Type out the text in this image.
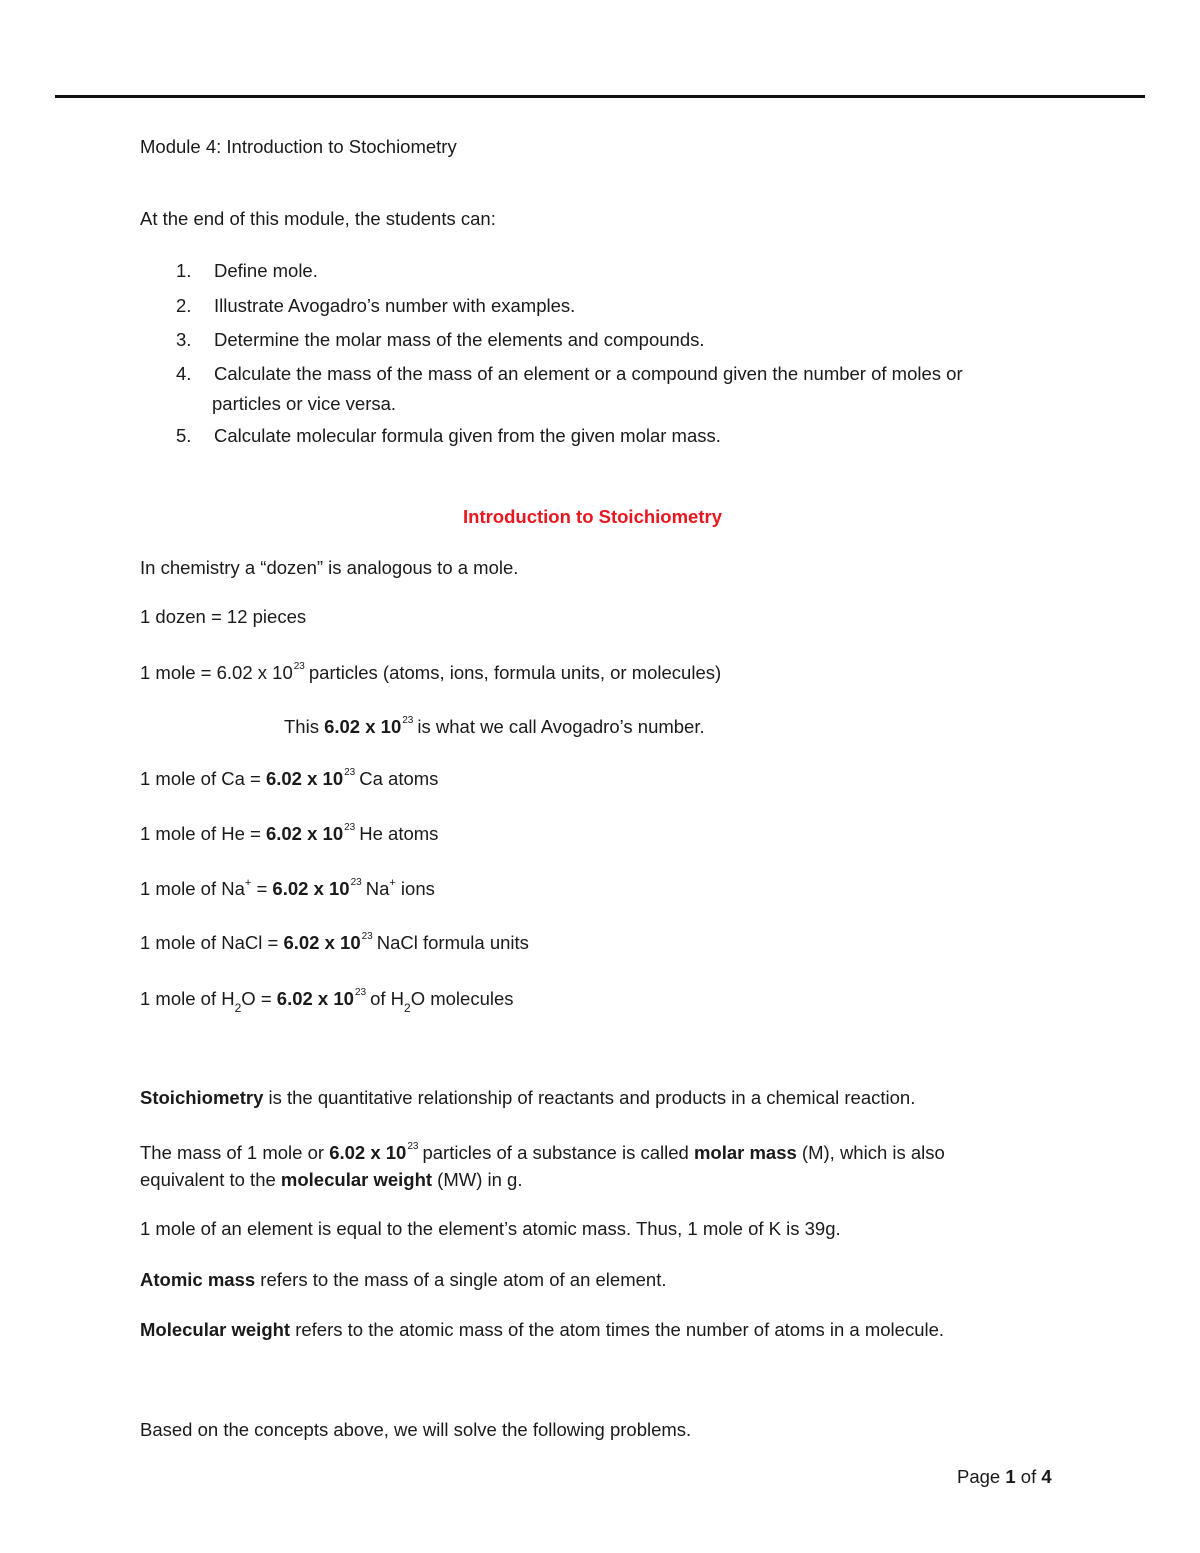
Module 4: Introduction to Stochiometry
At the end of this module, the students can:
1. Define mole.
2. Illustrate Avogadro’s number with examples.
3. Determine the molar mass of the elements and compounds.
4. Calculate the mass of the mass of an element or a compound given the number of moles or
particles or vice versa.
5. Calculate molecular formula given from the given molar mass.
Introduction to Stoichiometry
In chemistry a “dozen” is analogous to a mole.
1 dozen = 12 pieces
1 mole = 6.02 x $10^{23}$ particles (atoms, ions, formula units, or molecules)
This 6.02 x $10^{23}$ is what we call Avogadro’s number.
1 mole of Ca = 6.02 x $10^{23}$ Ca atoms
1 mole of He = 6.02 x $10^{23}$ He atoms
1 mole of Na+ = 6.02 x $10^{23}$ Na+ ions
1 mole of NaCl = 6.02 x $10^{23}$ NaCl formula units
1 mole of $H_2O = 6.02$ x $10^{23}$ of $H_2O$ molecules
Stoichiometry is the quantitative relationship of reactants and products in a chemical reaction.
The mass of 1 mole or 6.02 x $10^{23}$ particles of a substance is called molar mass (M), which is also
equivalent to the molecular weight (MW) in g.
1 mole of an element is equal to the element’s atomic mass. Thus, 1 mole of K is 39g.
Atomic mass refers to the mass of a single atom of an element.
Molecular weight refers to the atomic mass of the atom times the number of atoms in a molecule.
Based on the concepts above, we will solve the following problems.
Page 1 of 4
